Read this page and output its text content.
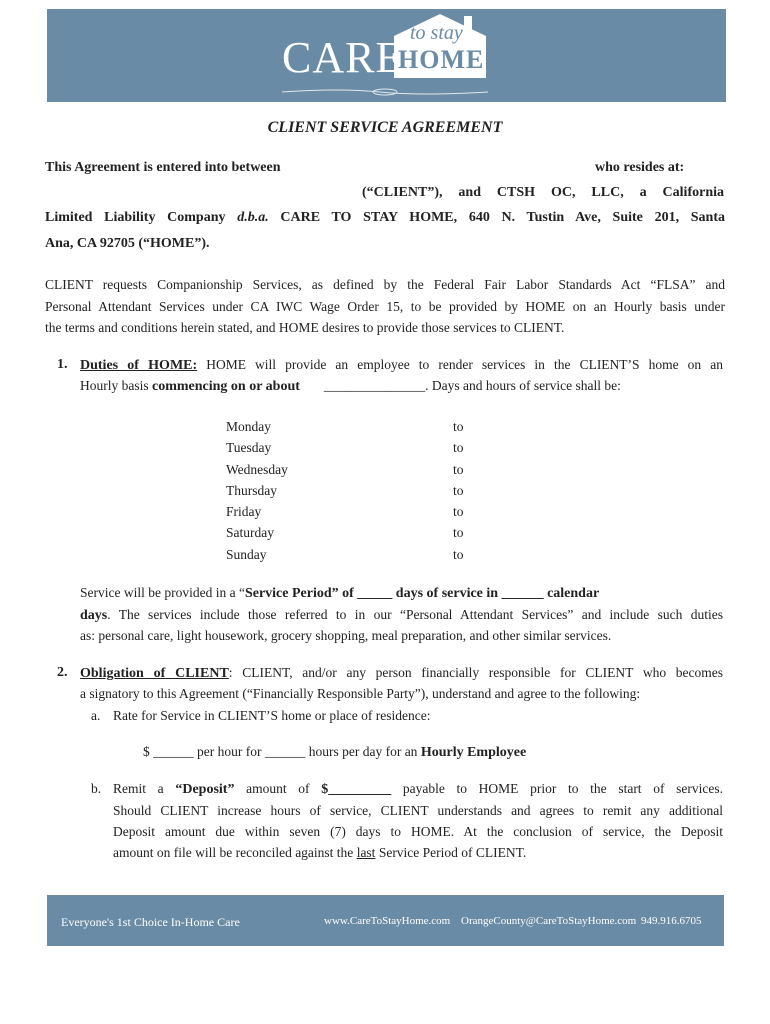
CARE to stay
HOME
CLIENT SERVICE AGREEMENT
This Agreement is entered into between	who resides at:
(“CLIENT”), and CTSH OC, LLC, a California
Limited Liability Company d.b.a. CARE TO STAY HOME, 640 N. Tustin Ave, Suite 201, Santa
Ana, CA 92705 (“HOME”).
CLIENT requests Companionship Services, as defined by the Federal Fair Labor Standards Act “FLSA” and
Personal Attendant Services under CA IWC Wage Order 15, to be provided by HOME on an Hourly basis under
the terms and conditions herein stated, and HOME desires to provide those services to CLIENT.
1. Duties of HOME: HOME will provide an employee to render services in the CLIENT’S home on an
Hourly basis commencing on or about _______________. Days and hours of service shall be:
Monday	to
Tuesday	to
Wednesday	to
Thursday	to
Friday	to
Saturday	to
Sunday	to
Service will be provided in a “Service Period” of _____ days of service in ______ calendar
days. The services include those referred to in our “Personal Attendant Services” and include such duties
as: personal care, light housework, grocery shopping, meal preparation, and other similar services.
2. Obligation of CLIENT: CLIENT, and/or any person financially responsible for CLIENT who becomes
a signatory to this Agreement (“Financially Responsible Party”), understand and agree to the following:
a. Rate for Service in CLIENT’S home or place of residence:
$ ______ per hour for ______ hours per day for an Hourly Employee
b. Remit a “Deposit” amount of $_________ payable to HOME prior to the start of services.
Should CLIENT increase hours of service, CLIENT understands and agrees to remit any additional
Deposit amount due within seven (7) days to HOME. At the conclusion of service, the Deposit
amount on file will be reconciled against the last Service Period of CLIENT.
Everyone's 1st Choice In-Home Care	www.CareToStayHome.com OrangeCounty@CareToStayHome.com 949.916.6705
